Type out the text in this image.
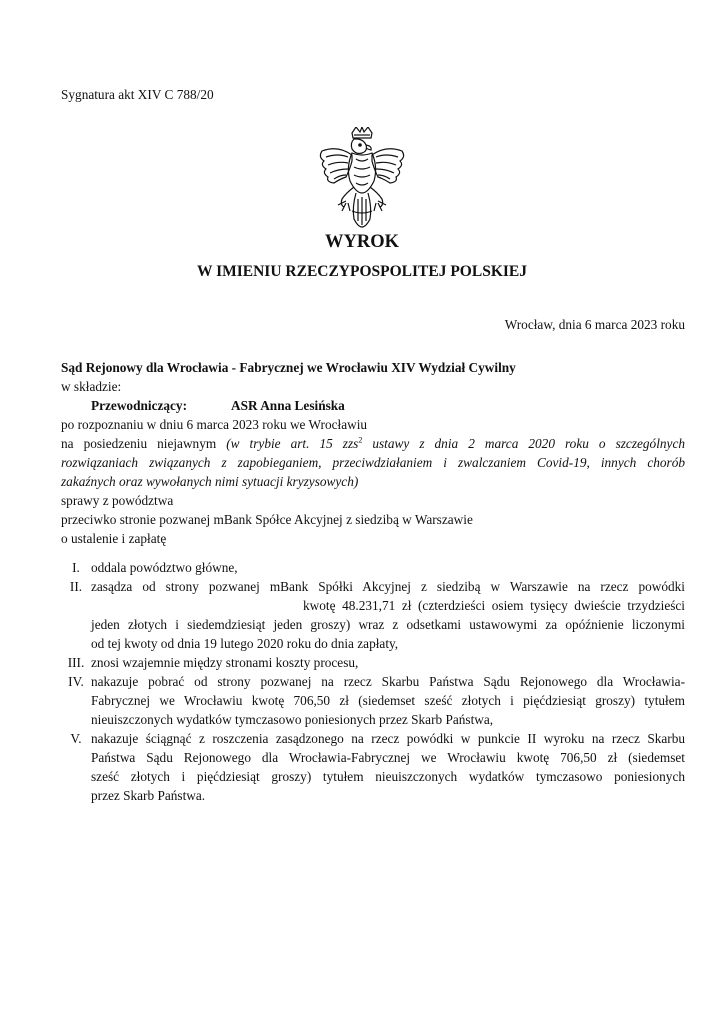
Sygnatura akt XIV C 788/20
WYROK
W IMIENIU RZECZYPOSPOLITEJ POLSKIEJ
Wrocław, dnia 6 marca 2023 roku
Sąd Rejonowy dla Wrocławia - Fabrycznej we Wrocławiu XIV Wydział Cywilny
w składzie:
Przewodniczący:	ASR Anna Lesińska
po rozpoznaniu w dniu 6 marca 2023 roku we Wrocławiu
na posiedzeniu niejawnym (w trybie art. 15 zzs$^2$ ustawy z dnia 2 marca 2020 roku o szczególnych
rozwiązaniach związanych z zapobieganiem, przeciwdziałaniem i zwalczaniem Covid-19, innych chorób
zakaźnych oraz wywołanych nimi sytuacji kryzysowych)
sprawy z powództwa
przeciwko stronie pozwanej mBank Spółce Akcyjnej z siedzibą w Warszawie
o ustalenie i zapłatę
I. oddala powództwo główne,
II. zasądza od strony pozwanej mBank Spółki Akcyjnej z siedzibą w Warszawie na rzecz powódki
kwotę 48.231,71 zł (czterdzieści osiem tysięcy dwieście trzydzieści
jeden złotych i siedemdziesiąt jeden groszy) wraz z odsetkami ustawowymi za opóźnienie liczonymi
od tej kwoty od dnia 19 lutego 2020 roku do dnia zapłaty,
III. znosi wzajemnie między stronami koszty procesu,
IV. nakazuje pobrać od strony pozwanej na rzecz Skarbu Państwa Sądu Rejonowego dla Wrocławia-
Fabrycznej we Wrocławiu kwotę 706,50 zł (siedemset sześć złotych i pięćdziesiąt groszy) tytułem
nieuiszczonych wydatków tymczasowo poniesionych przez Skarb Państwa,
V. nakazuje ściągnąć z roszczenia zasądzonego na rzecz powódki w punkcie II wyroku na rzecz Skarbu
Państwa Sądu Rejonowego dla Wrocławia-Fabrycznej we Wrocławiu kwotę 706,50 zł (siedemset
sześć złotych i pięćdziesiąt groszy) tytułem nieuiszczonych wydatków tymczasowo poniesionych
przez Skarb Państwa.
